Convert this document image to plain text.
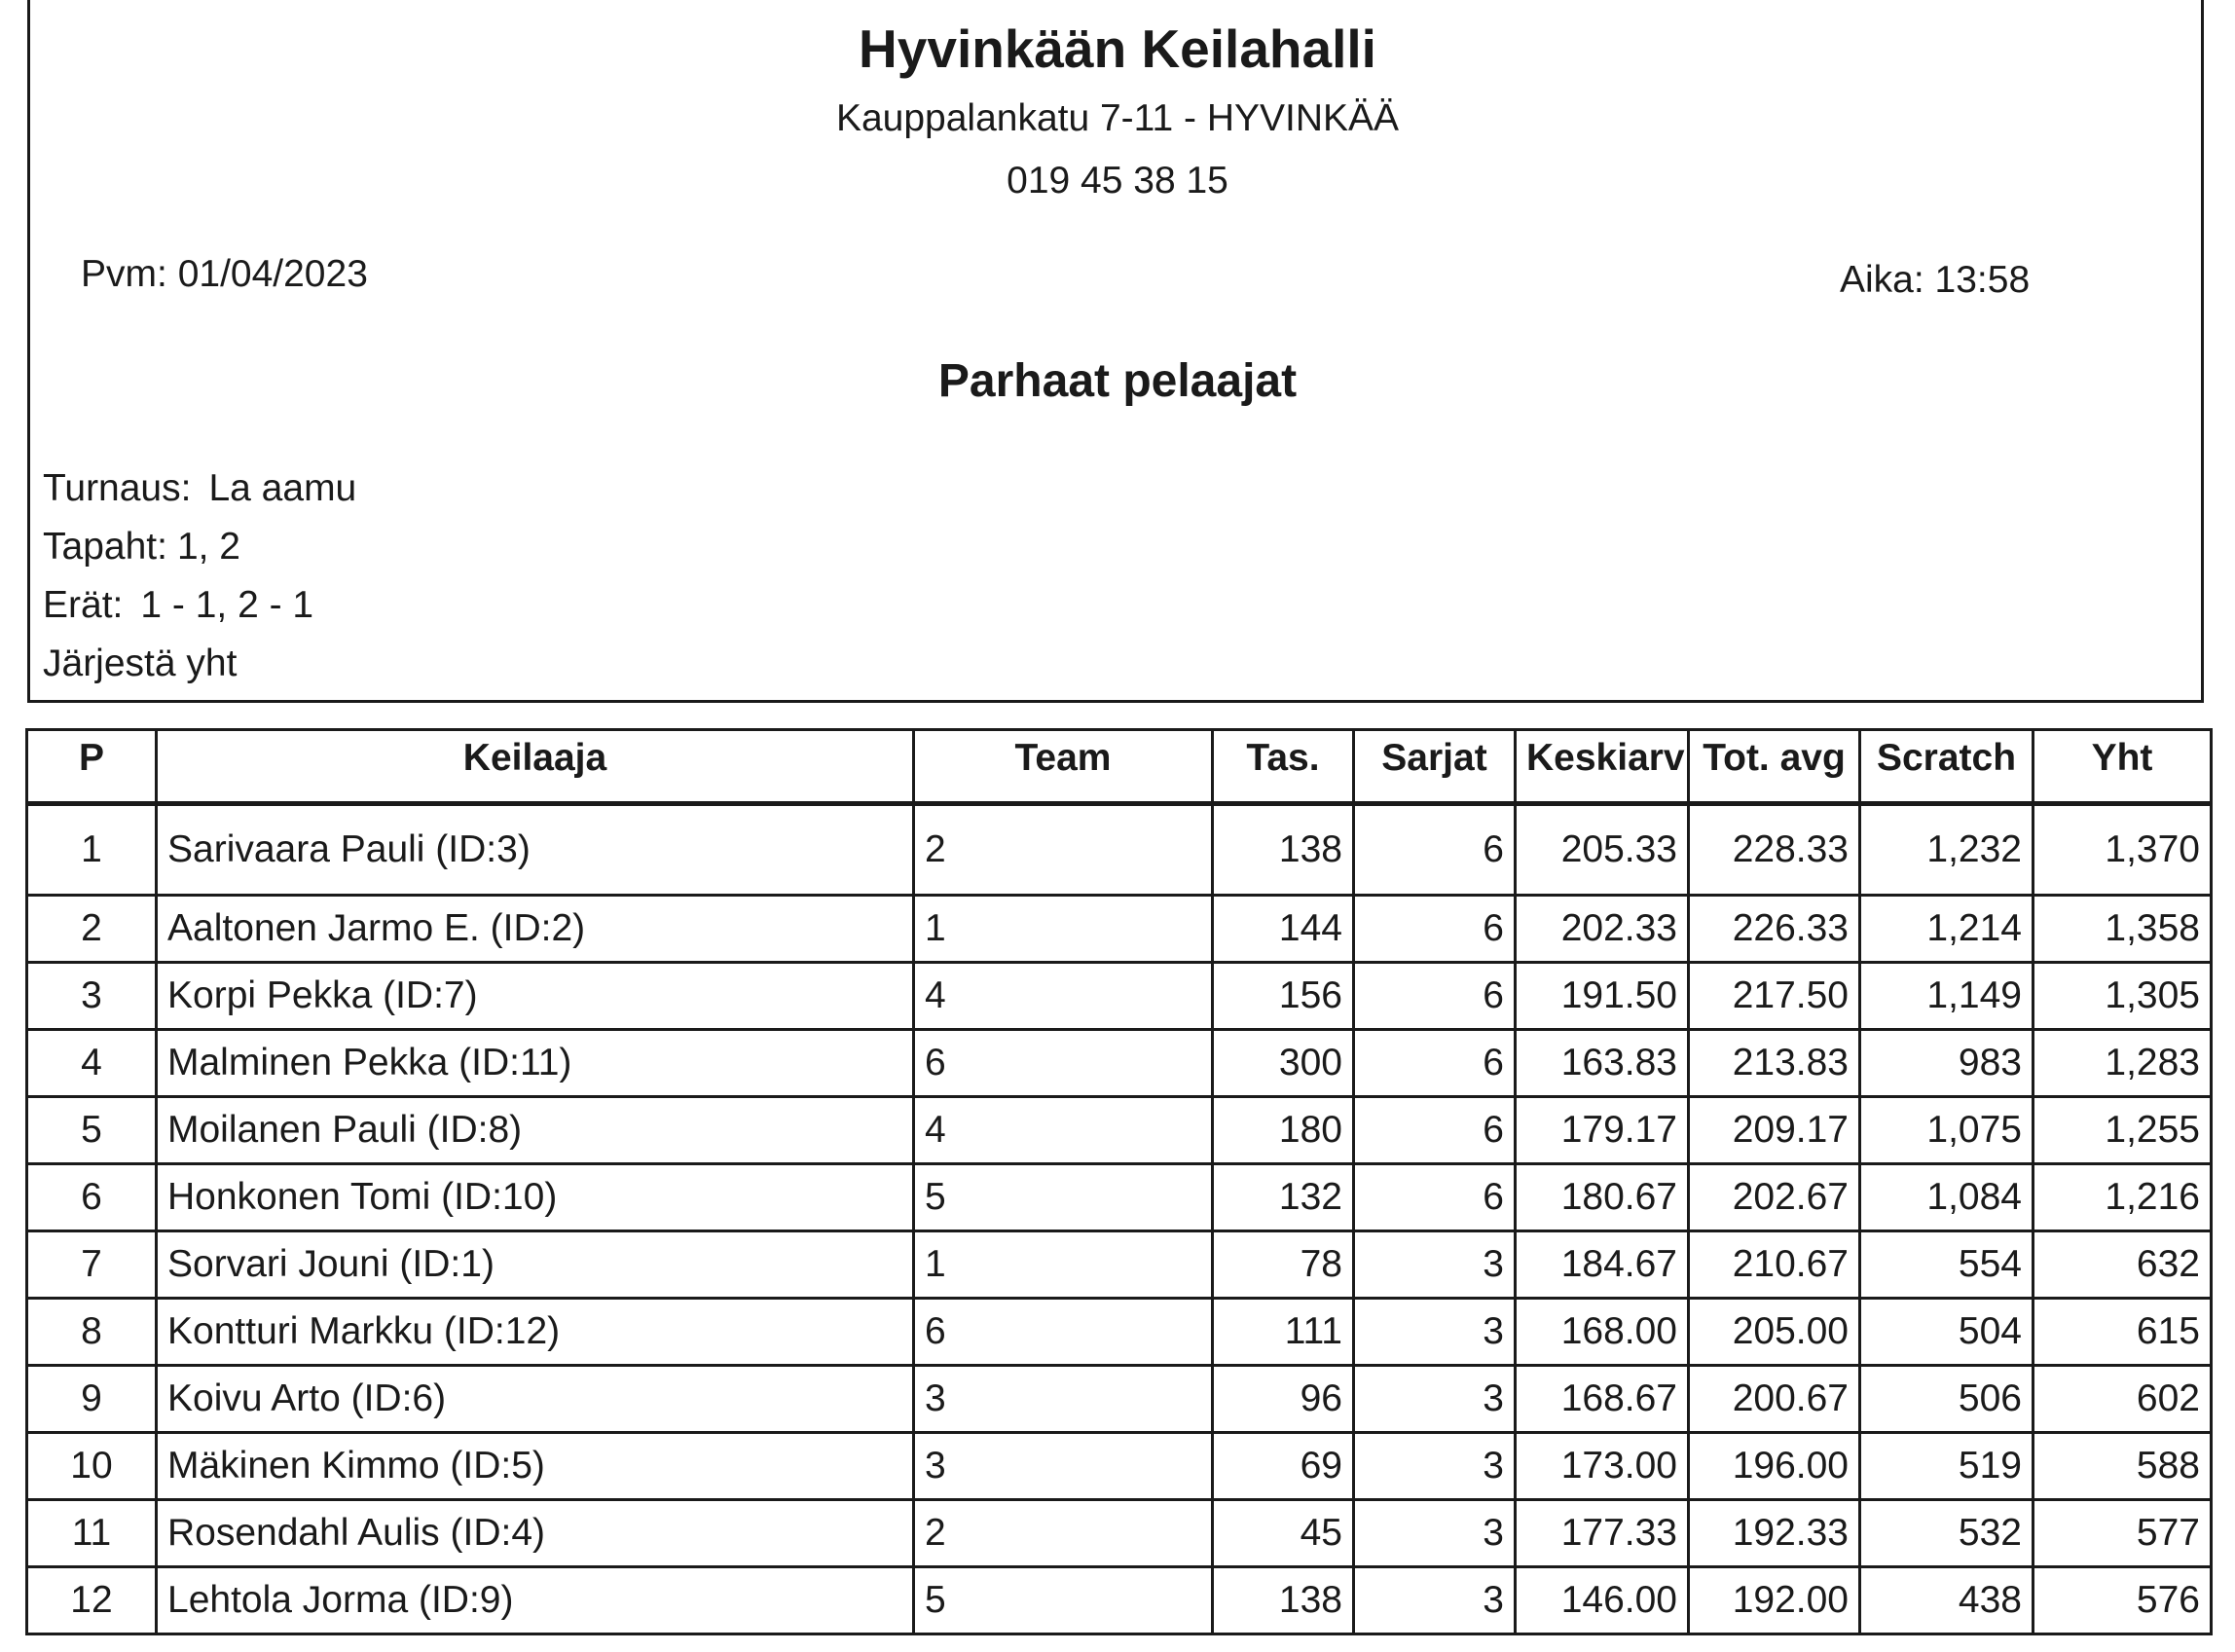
Hyvinkään Keilahalli
Kauppalankatu 7-11 - HYVINKÄÄ
019 45 38 15
Pvm: 01/04/2023	Aika: 13:58
Parhaat pelaajat
Turnaus: La aamu
Tapaht: 1, 2
Erät: 1 - 1, 2 - 1
Järjestä yht
P	Keilaaja	Team	Tas.	Sarjat	Keskiarv	Tot. avg	Scratch	Yht
1	Sarivaara Pauli (ID:3)	2	138	6	205.33	228.33	1,232	1,370
2	Aaltonen Jarmo E. (ID:2)	1	144	6	202.33	226.33	1,214	1,358
3	Korpi Pekka (ID:7)	4	156	6	191.50	217.50	1,149	1,305
4	Malminen Pekka (ID:11)	6	300	6	163.83	213.83	983	1,283
5	Moilanen Pauli (ID:8)	4	180	6	179.17	209.17	1,075	1,255
6	Honkonen Tomi (ID:10)	5	132	6	180.67	202.67	1,084	1,216
7	Sorvari Jouni (ID:1)	1	78	3	184.67	210.67	554	632
8	Kontturi Markku (ID:12)	6	111	3	168.00	205.00	504	615
9	Koivu Arto (ID:6)	3	96	3	168.67	200.67	506	602
10	Mäkinen Kimmo (ID:5)	3	69	3	173.00	196.00	519	588
11	Rosendahl Aulis (ID:4)	2	45	3	177.33	192.33	532	577
12	Lehtola Jorma (ID:9)	5	138	3	146.00	192.00	438	576
